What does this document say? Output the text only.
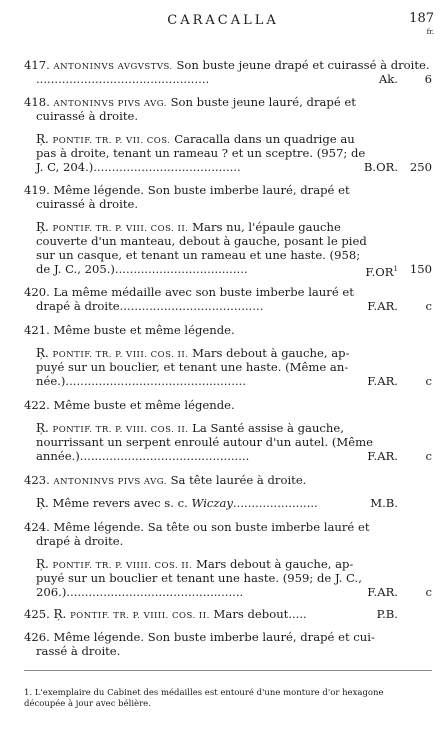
CARACALLA	187
fr.
417. ANTONINVS AVGVSTVS. Son buste jeune drapé et cuirassé à droite.
...............................................	Ak. 6
418. ANTONINVS PIVS AVG. Son buste jeune lauré, drapé et
cuirassé à droite.
Ŗ. PONTIF. TR. P. VII. COS. Caracalla dans un quadrige au
pas à droite, tenant un rameau ? et un sceptre. (957; de
J. C, 204.)........................................	B.OR. 250
419. Même légende. Son buste imberbe lauré, drapé et
cuirassé à droite.
Ŗ. PONTIF. TR. P. VIII. COS. II. Mars nu, l'épaule gauche
couverte d'un manteau, debout à gauche, posant le pied
sur un casque, et tenant un rameau et une haste. (958;
de J. C., 205.)....................................	$F.OR^1$ 150
420. La même médaille avec son buste imberbe lauré et
drapé à droite.......................................	F.AR. c
421. Même buste et même légende.
Ŗ. PONTIF. TR. P. VIII. COS. II. Mars debout à gauche, ap-
puyé sur un bouclier, et tenant une haste. (Même an-
née.).................................................	F.AR. c
422. Même buste et même légende.
Ŗ. PONTIF. TR. P. VIII. COS. II. La Santé assise à gauche,
nourrissant un serpent enroulé autour d'un autel. (Même
année.)..............................................	F.AR. c
423. ANTONINVS PIVS AVG. Sa tête laurée à droite.
Ŗ. Même revers avec s. c. Wiczay.......................	M.B.
424. Même légende. Sa tête ou son buste imberbe lauré et
drapé à droite.
Ŗ. PONTIF. TR. P. VIIII. COS. II. Mars debout à gauche, ap-
puyé sur un bouclier et tenant une haste. (959; de J. C.,
206.)................................................	F.AR. c
425. Ŗ. PONTIF. TR. P. VIIII. COS. II. Mars debout.....	P.B.
426. Même légende. Son buste imberbe lauré, drapé et cui-
rassé à droite.
1. L'exemplaire du Cabinet des médailles est entouré d'une monture d'or hexagone
découpée à jour avec bélière.
